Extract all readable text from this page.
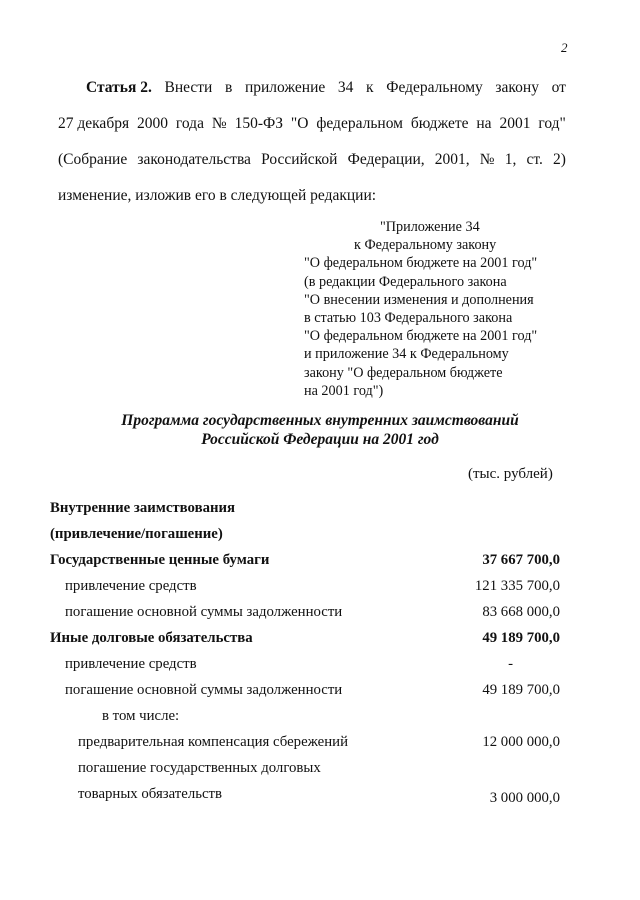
2
Статья 2. Внести в приложение 34 к Федеральному закону от
27 декабря 2000 года № 150-ФЗ "О федеральном бюджете на 2001 год"
(Собрание законодательства Российской Федерации, 2001, № 1, ст. 2)
изменение, изложив его в следующей редакции:
"Приложение 34
к Федеральному закону
"О федеральном бюджете на 2001 год"
(в редакции Федерального закона
"О внесении изменения и дополнения
в статью 103 Федерального закона
"О федеральном бюджете на 2001 год"
и приложение 34 к Федеральному
закону "О федеральном бюджете
на 2001 год")
Программа государственных внутренних заимствований
Российской Федерации на 2001 год
(тыс. рублей)
Внутренние заимствования
(привлечение/погашение)
Государственные ценные бумаги	37 667 700,0
привлечение средств	121 335 700,0
погашение основной суммы задолженности	83 668 000,0
Иные долговые обязательства	49 189 700,0
привлечение средств	-
погашение основной суммы задолженности	49 189 700,0
в том числе:
предварительная компенсация сбережений	12 000 000,0
погашение государственных долговых
товарных обязательств	3 000 000,0
